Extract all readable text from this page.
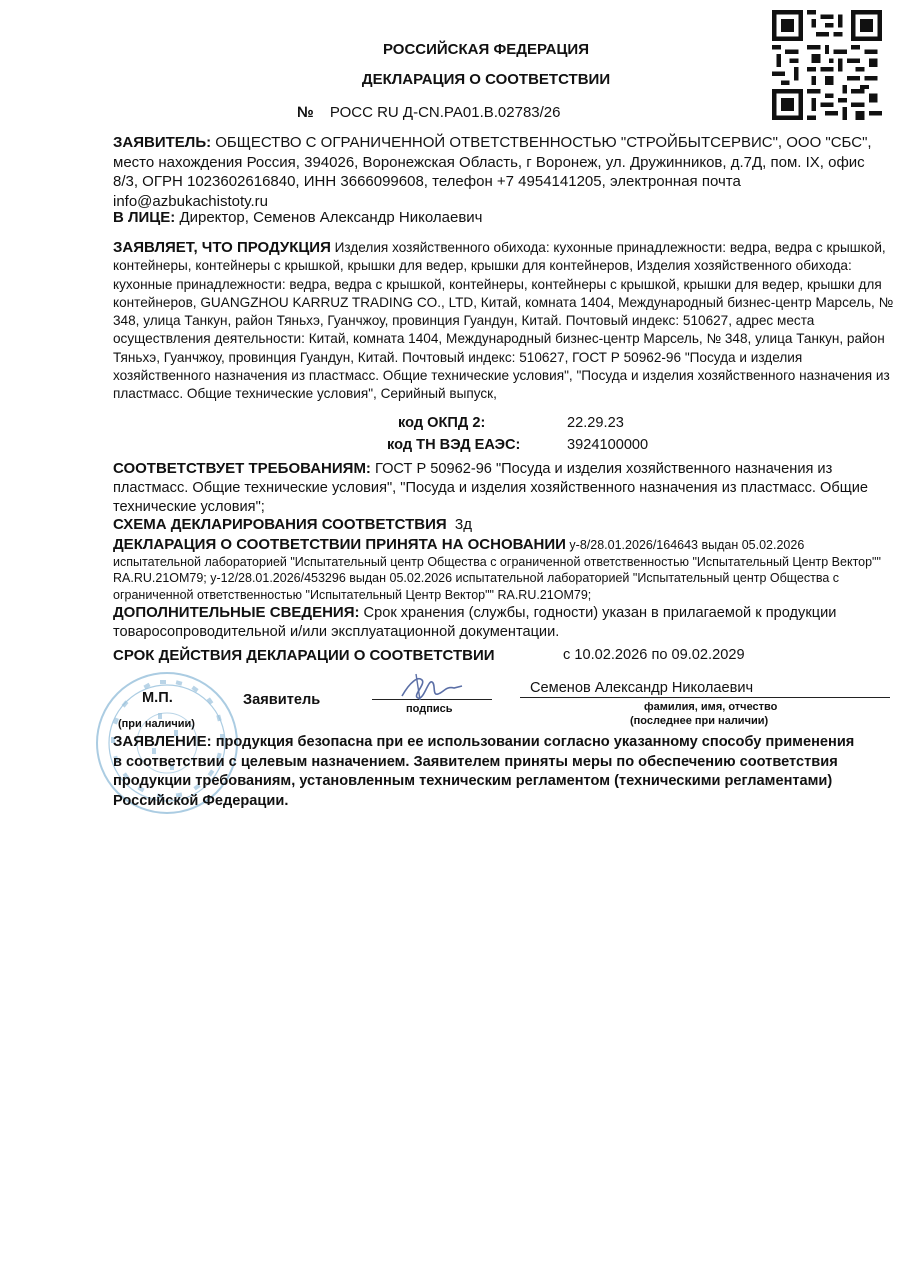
РОССИЙСКАЯ ФЕДЕРАЦИЯ
ДЕКЛАРАЦИЯ О СООТВЕТСТВИИ
№ РОСС RU Д-CN.РА01.В.02783/26
ЗАЯВИТЕЛЬ: ОБЩЕСТВО С ОГРАНИЧЕННОЙ ОТВЕТСТВЕННОСТЬЮ "СТРОЙБЫТСЕРВИС", ООО "СБС", место нахождения Россия, 394026, Воронежская Область, г Воронеж, ул. Дружинников, д.7Д, пом. IX, офис 8/3, ОГРН 1023602616840, ИНН 3666099608, телефон +7 4954141205, электронная почта info@azbukachistoty.ru
В ЛИЦЕ: Директор, Семенов Александр Николаевич
ЗАЯВЛЯЕТ, ЧТО ПРОДУКЦИЯ Изделия хозяйственного обихода: кухонные принадлежности: ведра, ведра с крышкой, контейнеры, контейнеры с крышкой, крышки для ведер, крышки для контейнеров, Изделия хозяйственного обихода: кухонные принадлежности: ведра, ведра с крышкой, контейнеры, контейнеры с крышкой, крышки для ведер, крышки для контейнеров, GUANGZHOU KARRUZ TRADING CO., LTD, Китай, комната 1404, Международный бизнес-центр Марсель, № 348, улица Танкун, район Тяньхэ, Гуанчжоу, провинция Гуандун, Китай. Почтовый индекс: 510627, адрес места осуществления деятельности: Китай, комната 1404, Международный бизнес-центр Марсель, № 348, улица Танкун, район Тяньхэ, Гуанчжоу, провинция Гуандун, Китай. Почтовый индекс: 510627, ГОСТ Р 50962-96 "Посуда и изделия хозяйственного назначения из пластмасс. Общие технические условия", "Посуда и изделия хозяйственного назначения из пластмасс. Общие технические условия", Серийный выпуск,
код ОКПД 2:	22.29.23
код ТН ВЭД ЕАЭС:	3924100000
СООТВЕТСТВУЕТ ТРЕБОВАНИЯМ: ГОСТ Р 50962-96 "Посуда и изделия хозяйственного назначения из пластмасс. Общие технические условия", "Посуда и изделия хозяйственного назначения из пластмасс. Общие технические условия";
СХЕМА ДЕКЛАРИРОВАНИЯ СООТВЕТСТВИЯ 3д
ДЕКЛАРАЦИЯ О СООТВЕТСТВИИ ПРИНЯТА НА ОСНОВАНИИ у-8/28.01.2026/164643 выдан 05.02.2026 испытательной лабораторией "Испытательный центр Общества с ограниченной ответственностью "Испытательный Центр Вектор"" RA.RU.21OM79; у-12/28.01.2026/453296 выдан 05.02.2026 испытательной лабораторией "Испытательный центр Общества с ограниченной ответственностью "Испытательный Центр Вектор"" RA.RU.21OM79;
ДОПОЛНИТЕЛЬНЫЕ СВЕДЕНИЯ: Срок хранения (службы, годности) указан в прилагаемой к продукции товаросопроводительной и/или эксплуатационной документации.
СРОК ДЕЙСТВИЯ ДЕКЛАРАЦИИ О СООТВЕТСТВИИ	с 10.02.2026 по 09.02.2029
М.П.	Заявитель
подпись
Семенов Александр Николаевич
фамилия, имя, отчество
(последнее при наличии)
(при наличии)
ЗАЯВЛЕНИЕ: продукция безопасна при ее использовании согласно указанному способу применения в соответствии с целевым назначением. Заявителем приняты меры по обеспечению соответствия продукции требованиям, установленным техническим регламентом (техническими регламентами) Российской Федерации.
